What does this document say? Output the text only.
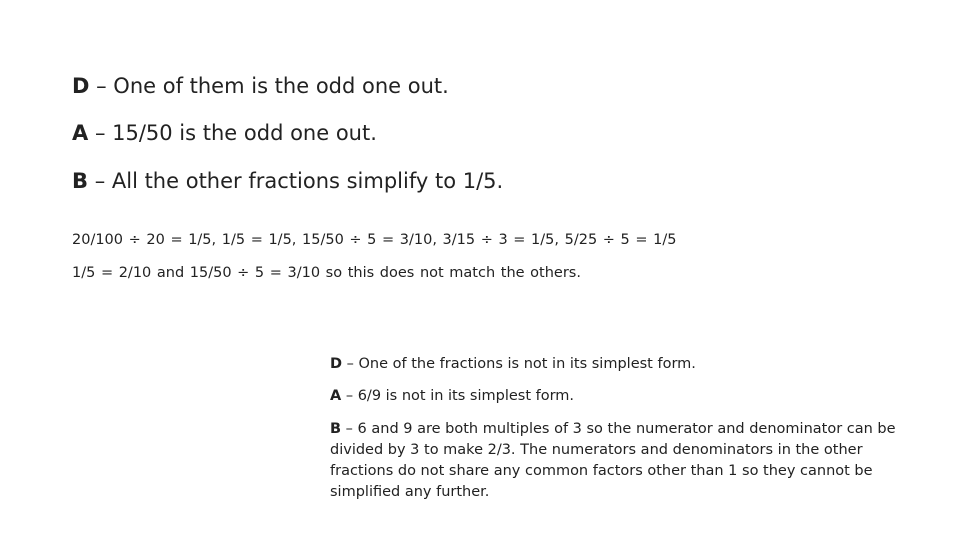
D – One of them is the odd one out.
A – 15/50 is the odd one out.
B – All the other fractions simplify to 1/5.
20/100 ÷ 20 = 1/5, 1/5 = 1/5, 15/50 ÷ 5 = 3/10, 3/15 ÷ 3 = 1/5, 5/25 ÷ 5 = 1/5
1/5 = 2/10 and 15/50 ÷ 5 = 3/10 so this does not match the others.
D – One of the fractions is not in its simplest form.
A – 6/9 is not in its simplest form.
B – 6 and 9 are both multiples of 3 so the numerator and denominator can be divided by 3 to make 2/3. The numerators and denominators in the other fractions do not share any common factors other than 1 so they cannot be simplified any further.
